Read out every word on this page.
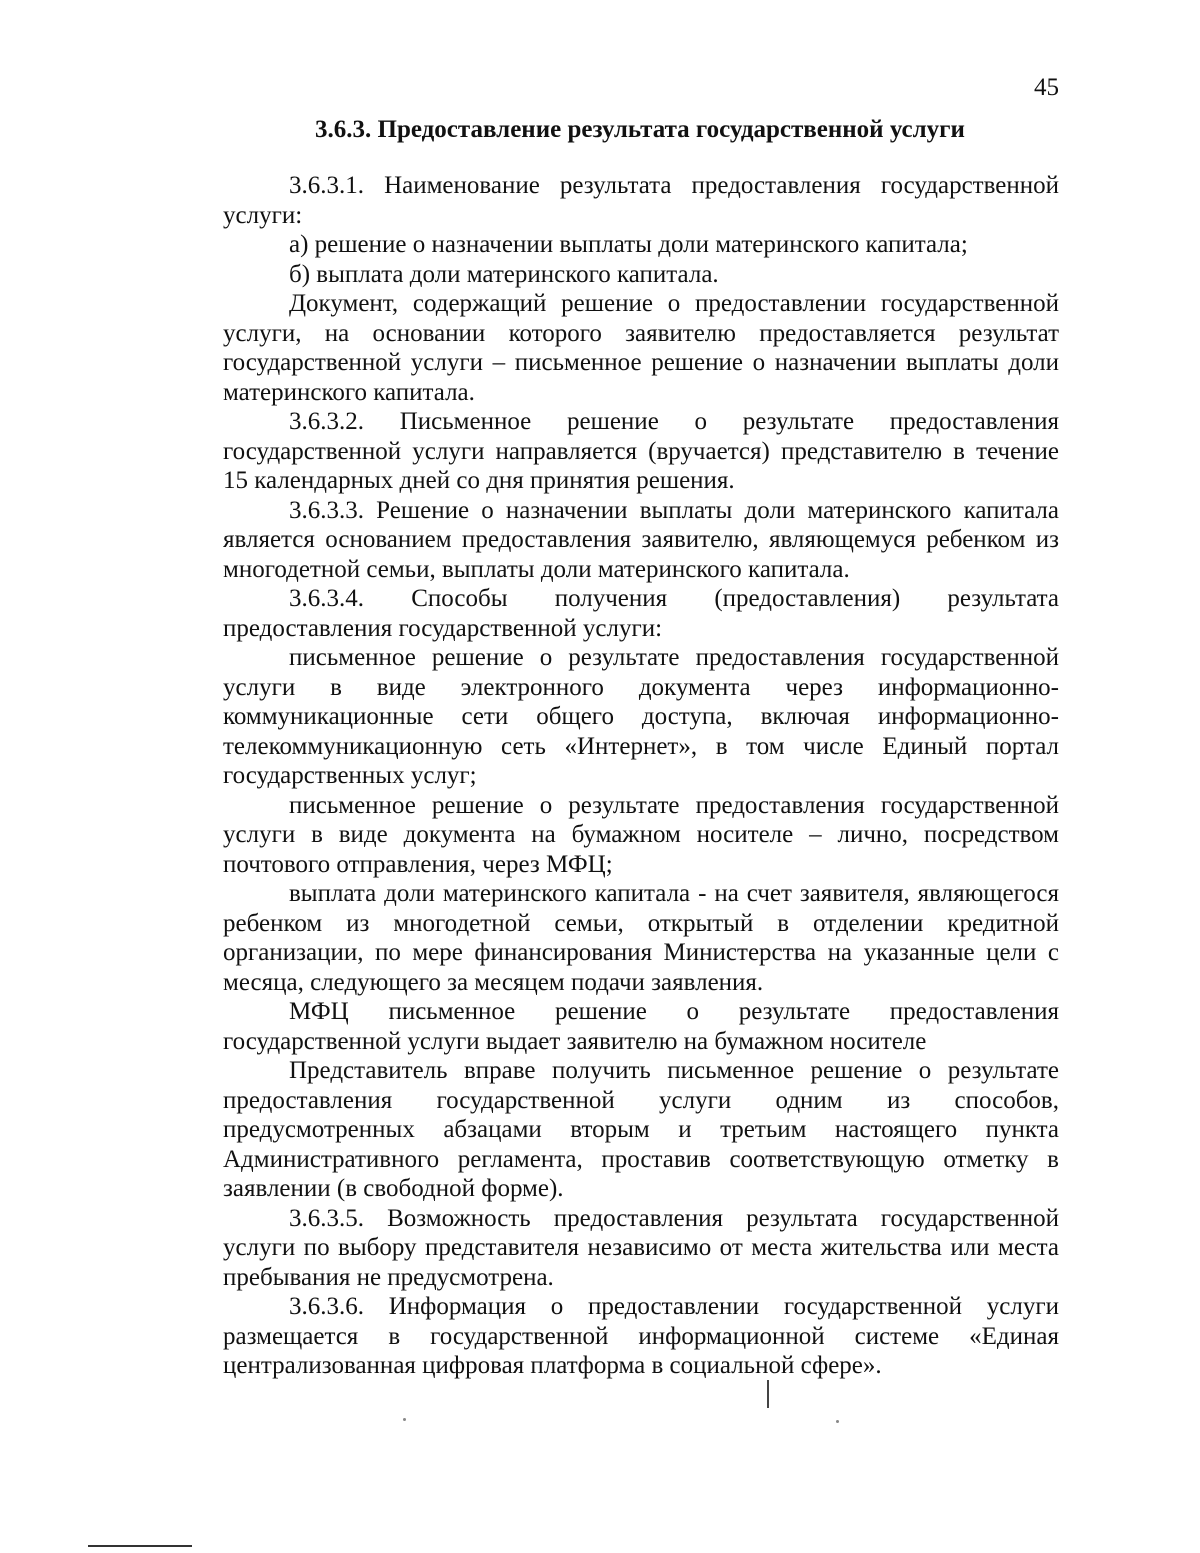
45
3.6.3. Предоставление результата государственной услуги

3.6.3.1. Наименование результата предоставления государственной услуги:

а) решение о назначении выплаты доли материнского капитала;

б) выплата доли материнского капитала.

Документ, содержащий решение о предоставлении государственной услуги, на основании которого заявителю предоставляется результат государственной услуги – письменное решение о назначении выплаты доли материнского капитала.

3.6.3.2. Письменное решение о результате предоставления государственной услуги направляется (вручается) представителю в течение 15 календарных дней со дня принятия решения.

3.6.3.3. Решение о назначении выплаты доли материнского капитала является основанием предоставления заявителю, являющемуся ребенком из многодетной семьи, выплаты доли материнского капитала.

3.6.3.4. Способы получения (предоставления) результата предоставления государственной услуги:

письменное решение о результате предоставления государственной услуги в виде электронного документа через информационно-коммуникационные сети общего доступа, включая информационно-телекоммуникационную сеть «Интернет», в том числе Единый портал государственных услуг;

письменное решение о результате предоставления государственной услуги в виде документа на бумажном носителе – лично, посредством почтового отправления, через МФЦ;

выплата доли материнского капитала - на счет заявителя, являющегося ребенком из многодетной семьи, открытый в отделении кредитной организации, по мере финансирования Министерства на указанные цели с месяца, следующего за месяцем подачи заявления.

МФЦ письменное решение о результате предоставления государственной услуги выдает заявителю на бумажном носителе

Представитель вправе получить письменное решение о результате предоставления государственной услуги одним из способов, предусмотренных абзацами вторым и третьим настоящего пункта Административного регламента, проставив соответствующую отметку в заявлении (в свободной форме).

3.6.3.5. Возможность предоставления результата государственной услуги по выбору представителя независимо от места жительства или места пребывания не предусмотрена.

3.6.3.6. Информация о предоставлении государственной услуги размещается в государственной информационной системе «Единая централизованная цифровая платформа в социальной сфере».
